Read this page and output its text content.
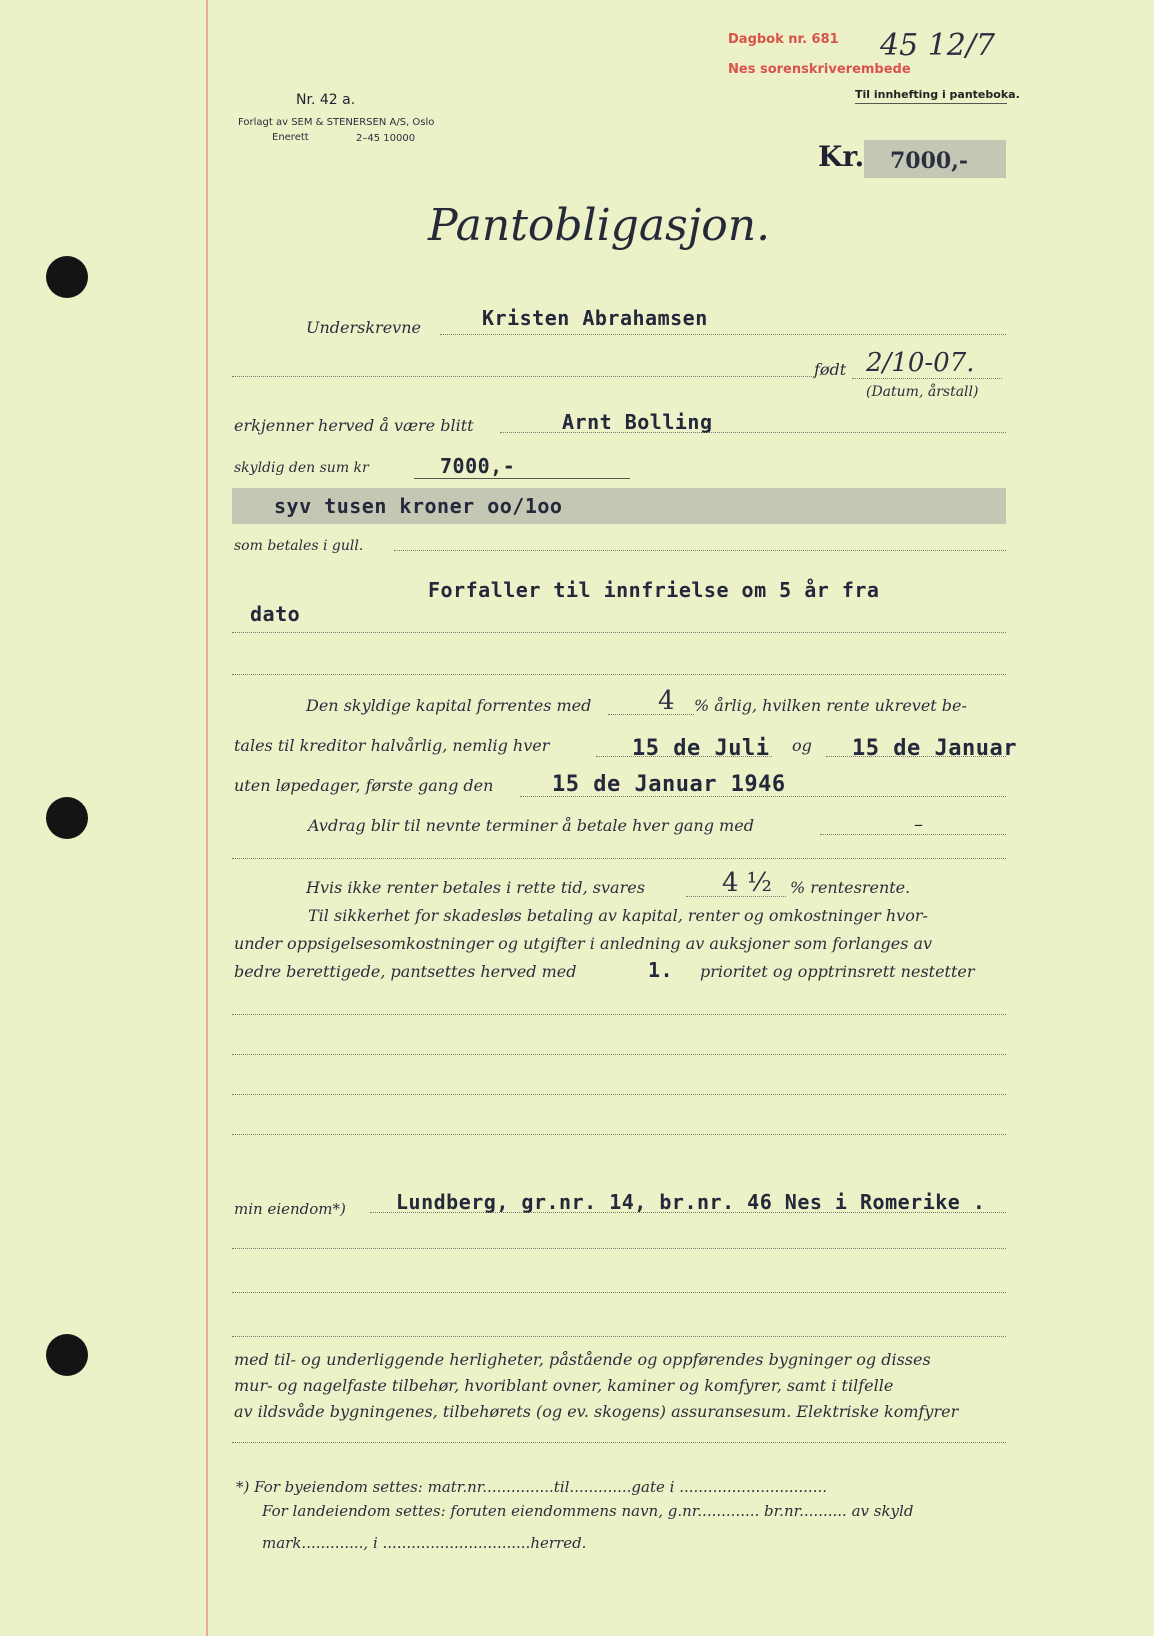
Dagbok nr. 681
Nes sorenskriverembede
45 12/7
Til innhefting i panteboka.
Nr. 42 a.
Forlagt av SEM & STENERSEN A/S, Oslo
Enerett	2–45 10000
Kr. 7000,-
Pantobligasjon.
Underskrevne	Kristen Abrahamsen
født 2/10-07.
(Datum, årstall)
erkjenner herved å være blitt	Arnt Bolling
skyldig den sum kr	7000,-
syv tusen kroner oo/1oo
som betales i gull.
Forfaller til innfrielse om 5 år fra
dato
Den skyldige kapital forrentes med	4 % årlig, hvilken rente ukrevet be-
tales til kreditor halvårlig, nemlig hver	15 de Juli og 15 de Januar
uten løpedager, første gang den	15 de Januar 1946
Avdrag blir til nevnte terminer å betale hver gang med	–
Hvis ikke renter betales i rette tid, svares	4 ½ % rentesrente.
Til sikkerhet for skadesløs betaling av kapital, renter og omkostninger hvor-
under oppsigelsesomkostninger og utgifter i anledning av auksjoner som forlanges av
bedre berettigede, pantsettes herved med	1. prioritet og opptrinsrett nestetter
min eiendom*)	Lundberg, gr.nr. 14, br.nr. 46 Nes i Romerike .
med til- og underliggende herligheter, påstående og oppførendes bygninger og disses
mur- og nagelfaste tilbehør, hvoriblant ovner, kaminer og komfyrer, samt i tilfelle
av ildsvåde bygningenes, tilbehørets (og ev. skogens) assuransesum. Elektriske komfyrer
*) For byeiendom settes: matr.nr...............til.............gate i ...............................
For landeiendom settes: foruten eiendommens navn, g.nr............. br.nr.......... av skyld
mark............., i ...............................herred.
